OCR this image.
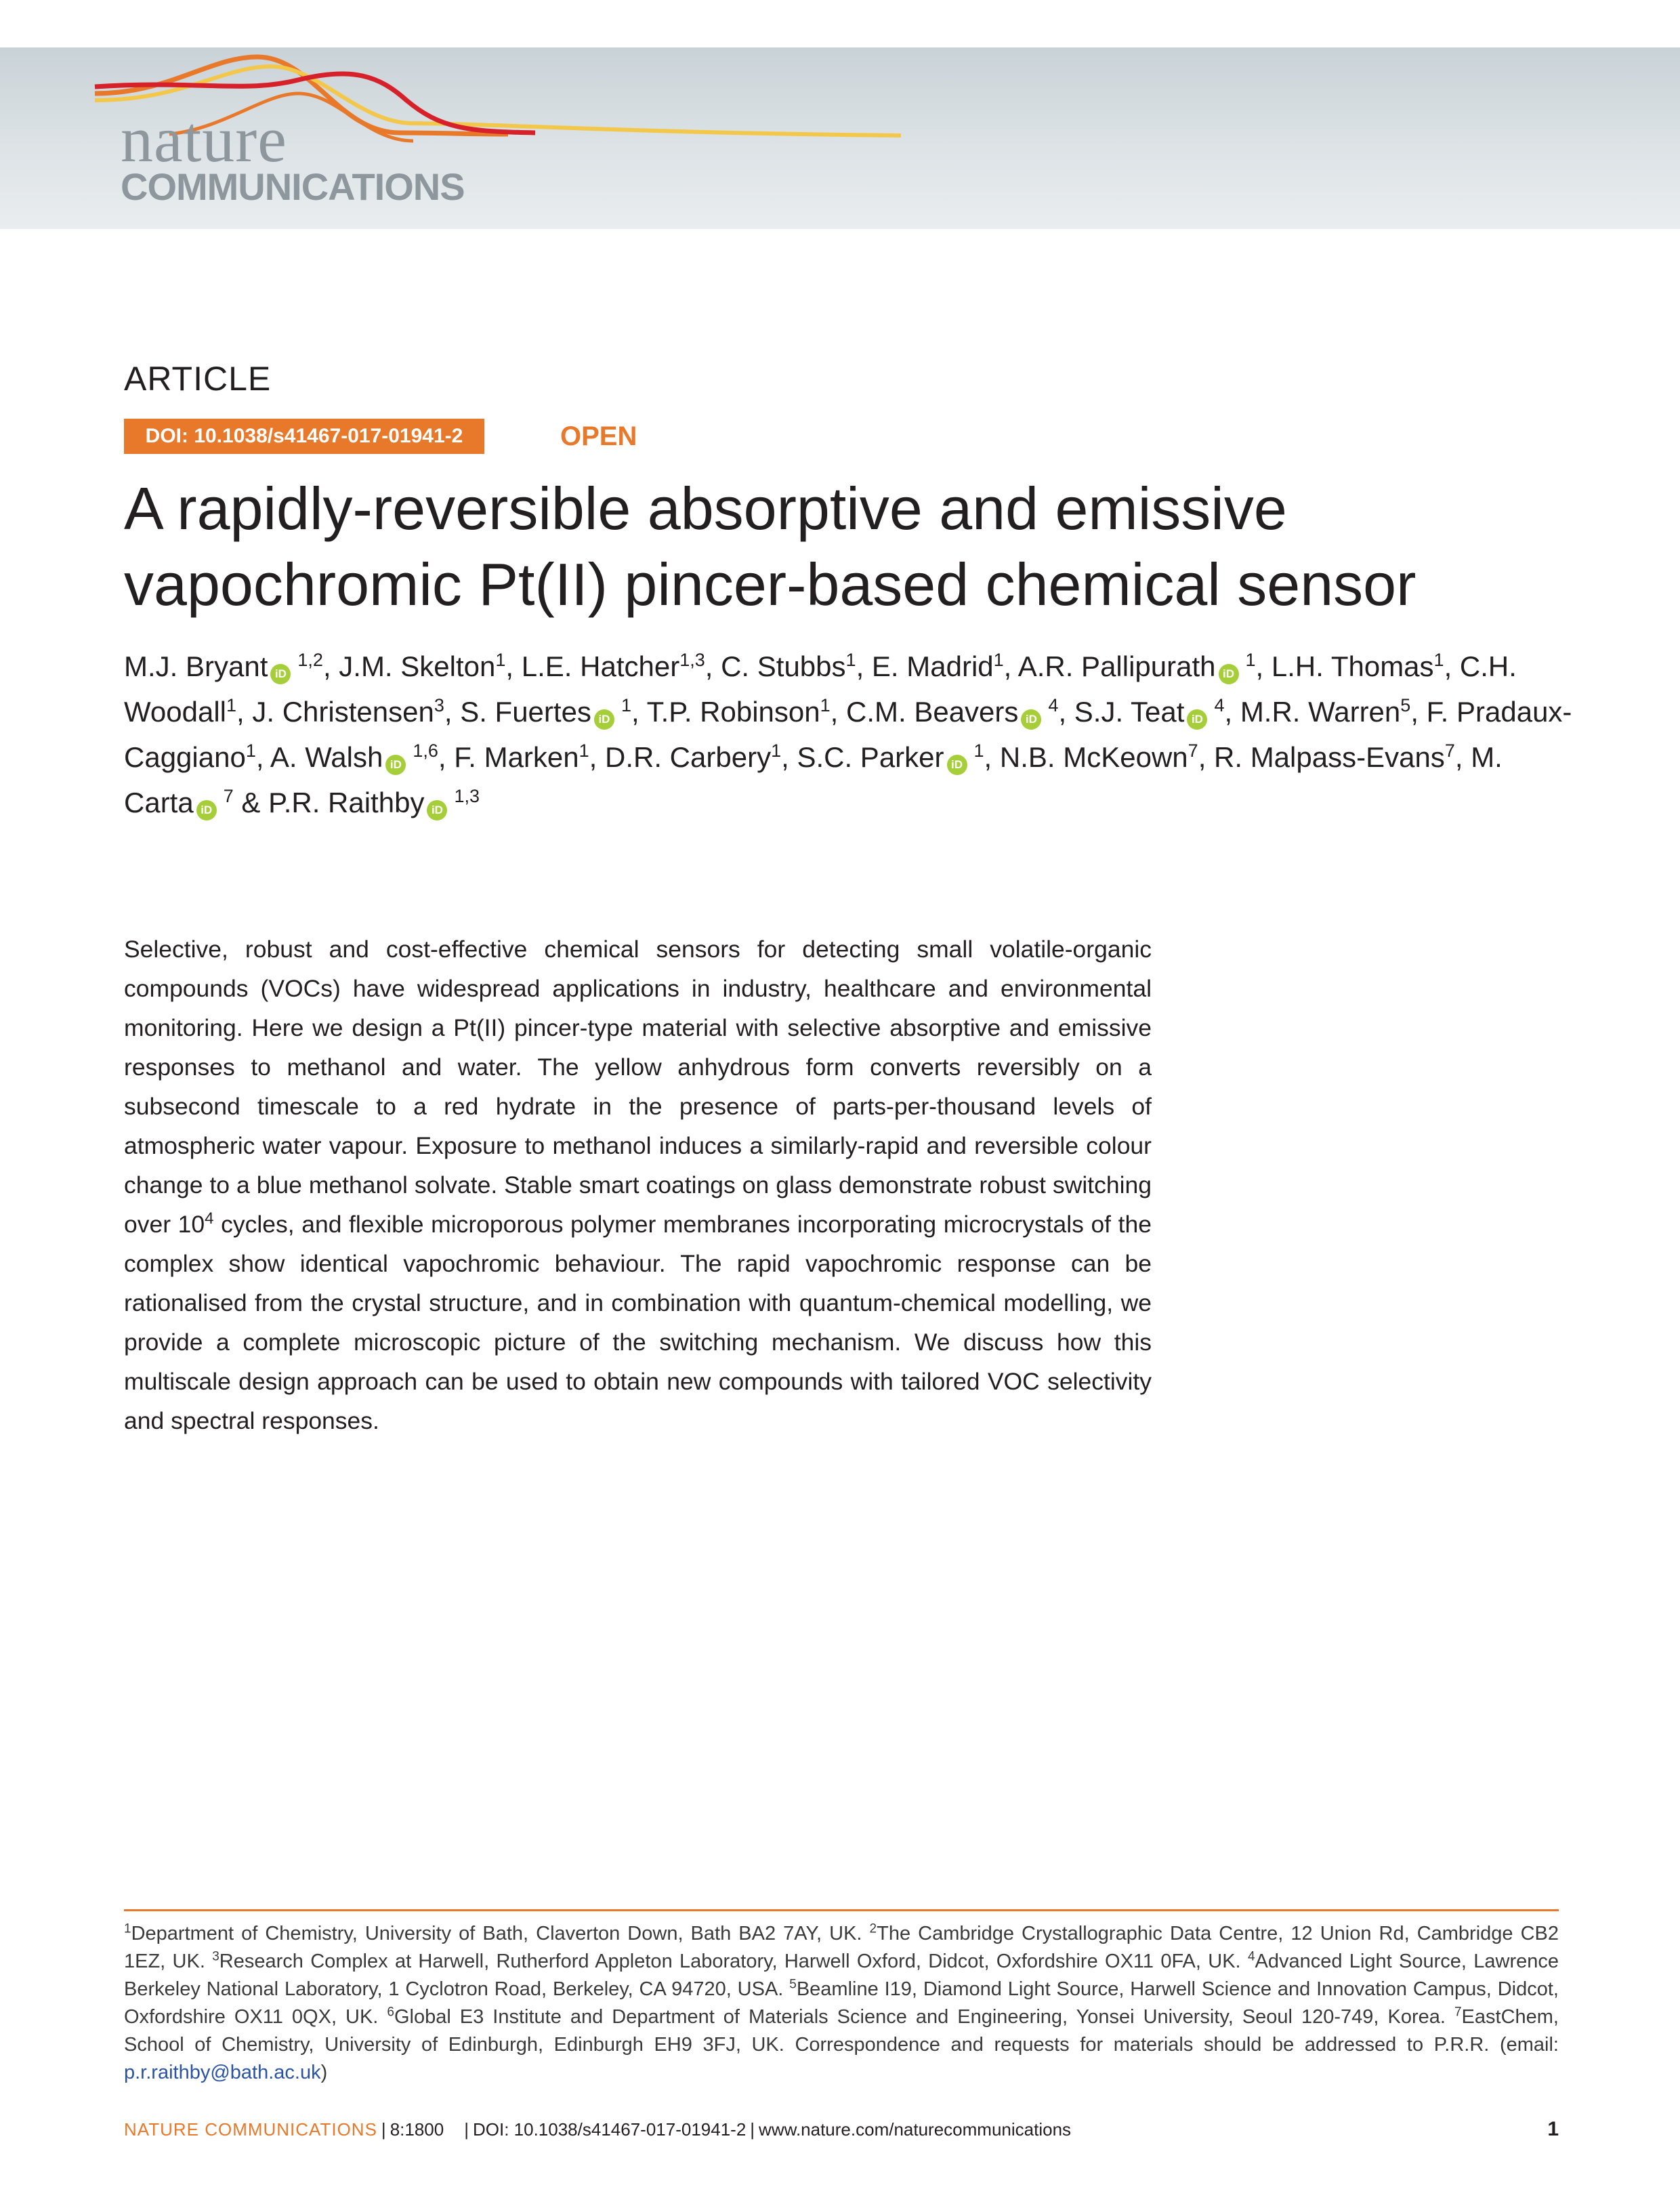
nature
COMMUNICATIONS
ARTICLE
DOI: 10.1038/s41467-017-01941-2	OPEN
A rapidly-reversible absorptive and emissive
vapochromic Pt(II) pincer-based chemical sensor
M.J. Bryant iD$^{1,2}$, J.M. Skelton$^1$, L.E. Hatcher$^{1,3}$, C. Stubbs$^1$, E. Madrid$^1$, A.R. Pallipurath $iD^1$, L.H. Thomas$^1$, C.H. Woodall$^1$, J. Christensen$^3$, S. Fuertes $iD^1$, T.P. Robinson$^1$, C.M. Beavers $iD^4$, S.J. Teat $iD^4$, M.R. Warren$^5$, F. Pradaux-Caggiano$^1$, A. Walsh iD$^{1,6}$, F. Marken$^1$, D.R. Carbery$^1$, S.C. Parker $iD^1$, N.B. McKeown$^7$, R. Malpass-Evans$^7$, M. Carta $iD^7$ & P.R. Raithby iD$^{1,3}$

Selective, robust and cost-effective chemical sensors for detecting small volatile-organic compounds (VOCs) have widespread applications in industry, healthcare and environmental monitoring. Here we design a Pt(II) pincer-type material with selective absorptive and emissive responses to methanol and water. The yellow anhydrous form converts reversibly on a subsecond timescale to a red hydrate in the presence of parts-per-thousand levels of atmospheric water vapour. Exposure to methanol induces a similarly-rapid and reversible colour change to a blue methanol solvate. Stable smart coatings on glass demonstrate robust switching over $10^4$ cycles, and flexible microporous polymer membranes incorporating microcrystals of the complex show identical vapochromic behaviour. The rapid vapochromic response can be rationalised from the crystal structure, and in combination with quantum-chemical modelling, we provide a complete microscopic picture of the switching mechanism. We discuss how this multiscale design approach can be used to obtain new compounds with tailored VOC selectivity and spectral responses.

$^1$Department of Chemistry, University of Bath, Claverton Down, Bath BA2 7AY, UK. $^2$The Cambridge Crystallographic Data Centre, 12 Union Rd, Cambridge CB2 1EZ, UK. $^3$Research Complex at Harwell, Rutherford Appleton Laboratory, Harwell Oxford, Didcot, Oxfordshire OX11 0FA, UK. $^4$Advanced Light Source, Lawrence Berkeley National Laboratory, 1 Cyclotron Road, Berkeley, CA 94720, USA. $^5$Beamline I19, Diamond Light Source, Harwell Science and Innovation Campus, Didcot, Oxfordshire OX11 0QX, UK. $^6$Global E3 Institute and Department of Materials Science and Engineering, Yonsei University, Seoul 120-749, Korea. $^7$EastChem, School of Chemistry, University of Edinburgh, Edinburgh EH9 3FJ, UK. Correspondence and requests for materials should be addressed to P.R.R. (email: p.r.raithby@bath.ac.uk)

NATURE COMMUNICATIONS | 8:1800 | DOI: 10.1038/s41467-017-01941-2 | www.nature.com/naturecommunications	1
